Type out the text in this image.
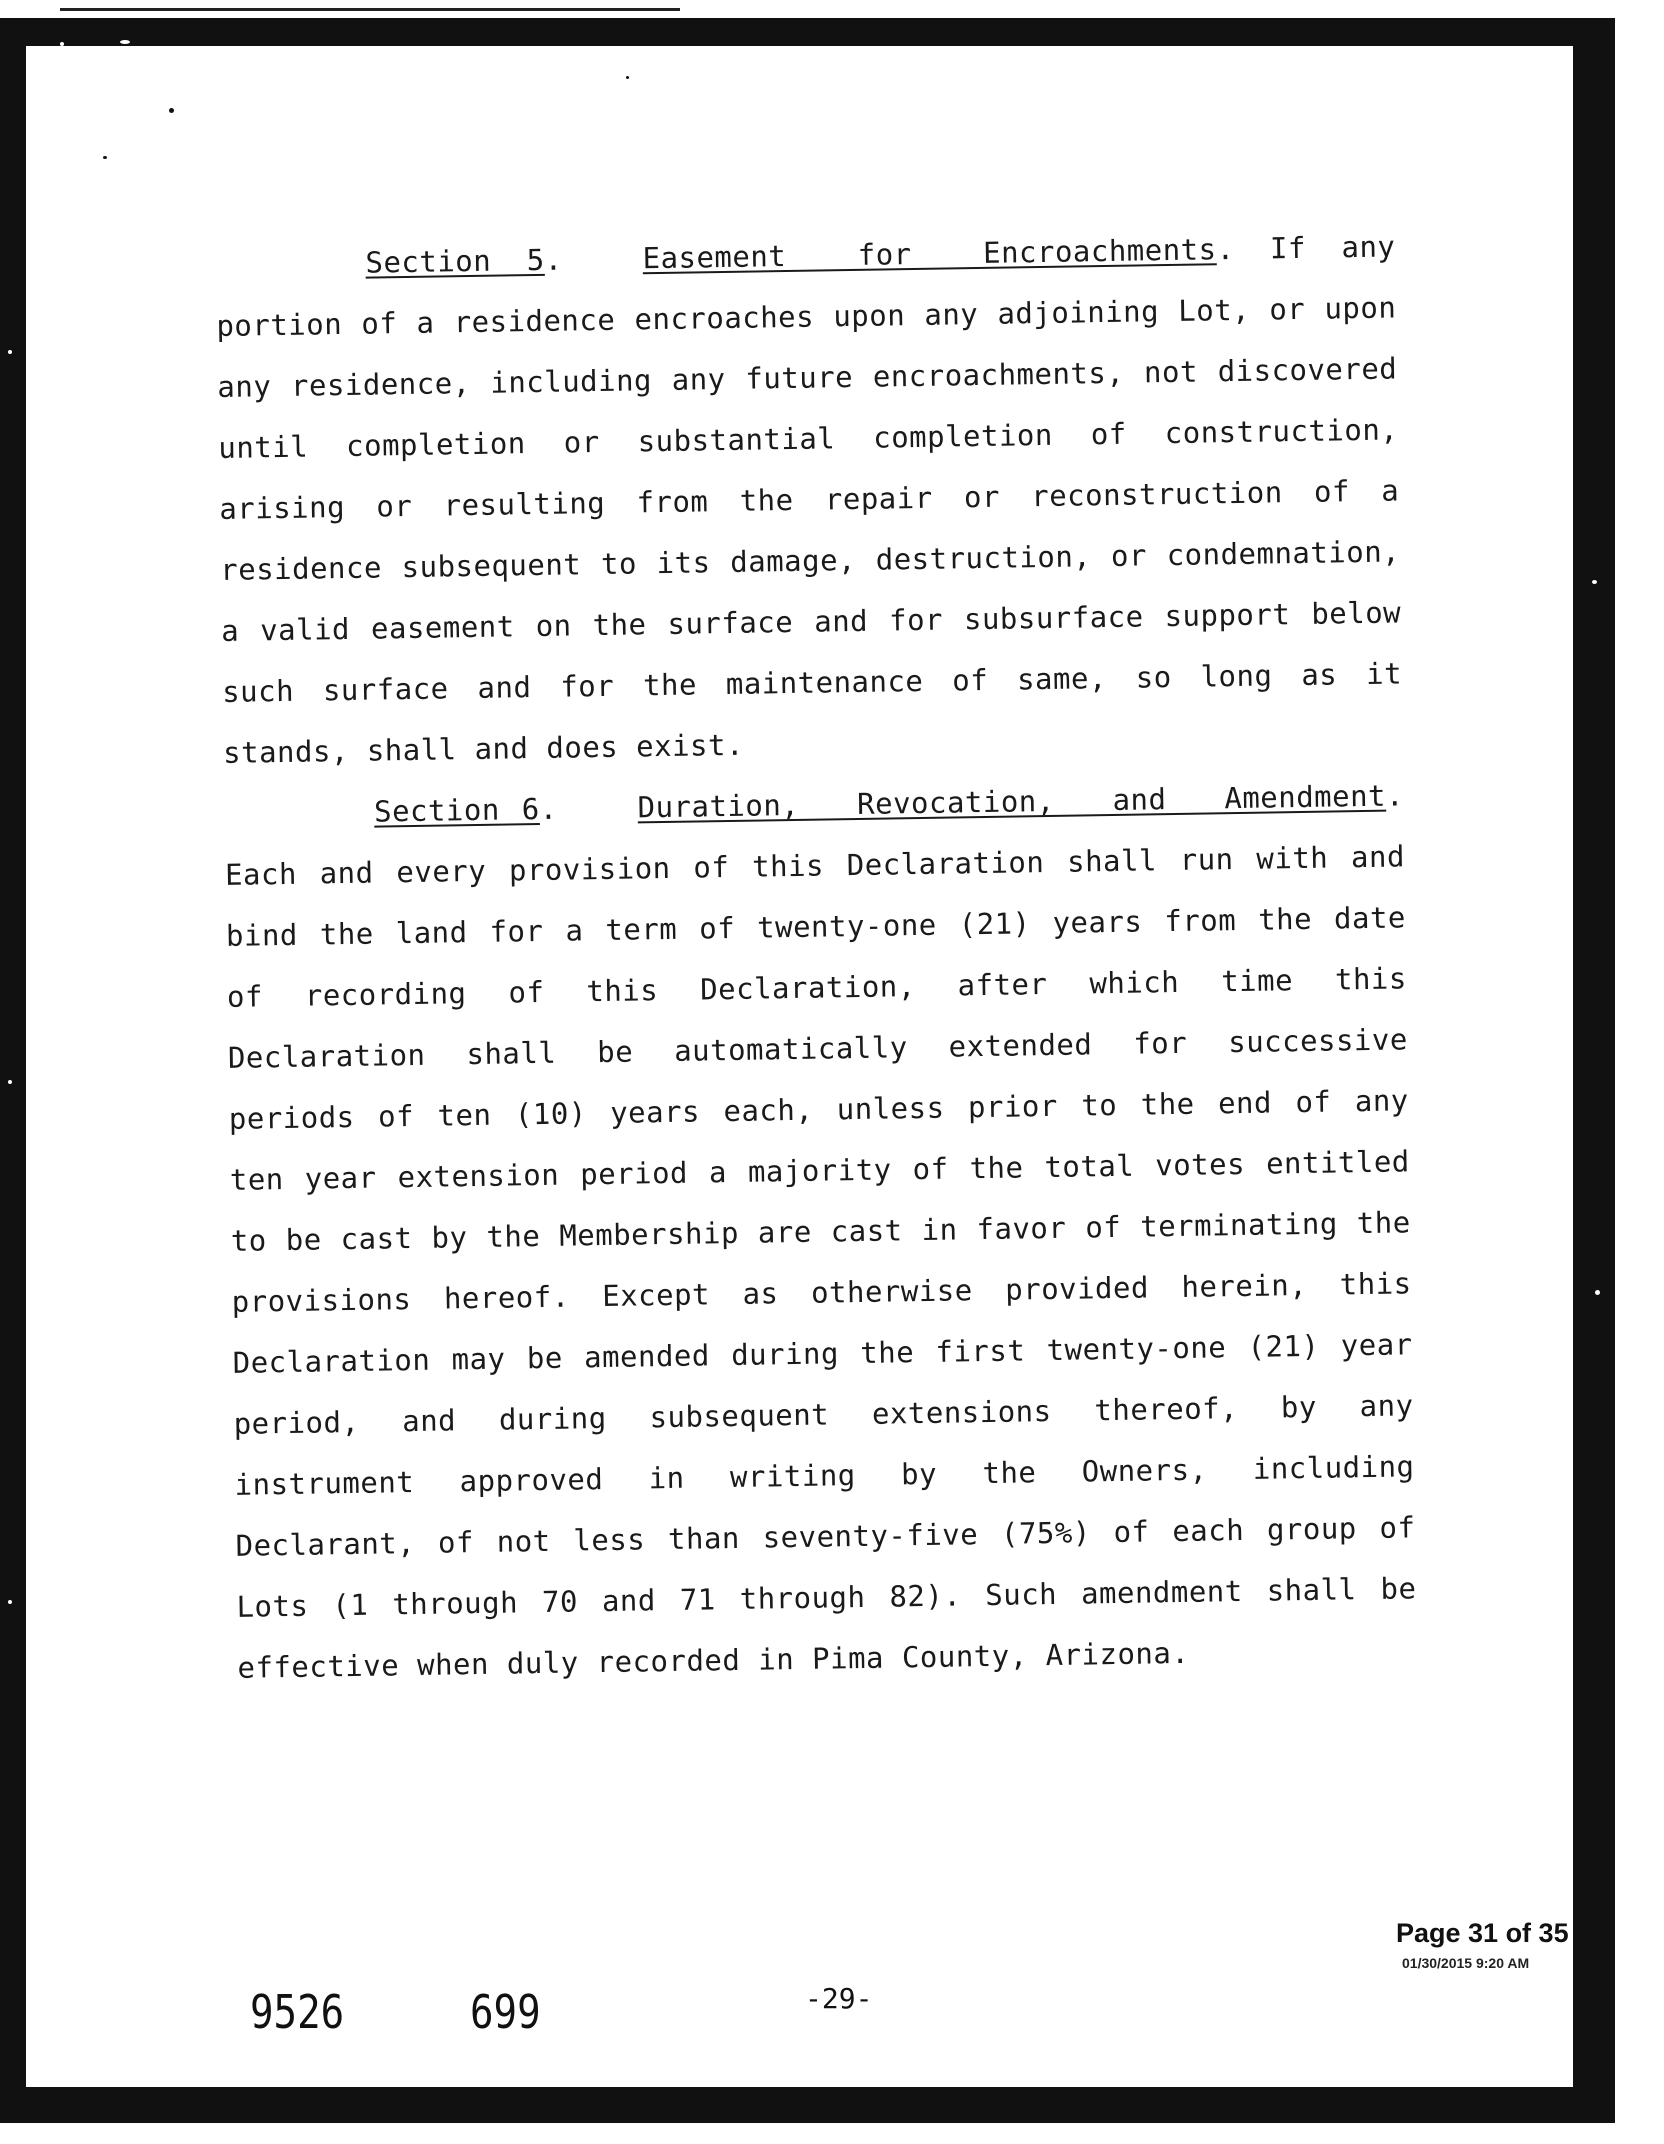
Section 5.	Easement for Encroachments. If any portion of a residence encroaches upon any adjoining Lot, or upon any residence, including any future encroachments, not discovered until completion or substantial completion of construction, arising or resulting from the repair or reconstruction of a residence subsequent to its damage, destruction, or condemnation, a valid easement on the surface and for subsurface support below such surface and for the maintenance of same, so long as it stands, shall and does exist.

Section 6.	Duration, Revocation, and Amendment. Each and every provision of this Declaration shall run with and bind the land for a term of twenty-one (21) years from the date of recording of this Declaration, after which time this Declaration shall be automatically extended for successive periods of ten (10) years each, unless prior to the end of any ten year extension period a majority of the total votes entitled to be cast by the Membership are cast in favor of terminating the provisions hereof. Except as otherwise provided herein, this Declaration may be amended during the first twenty-one (21) year period, and during subsequent extensions thereof, by any instrument approved in writing by the Owners, including Declarant, of not less than seventy-five (75%) of each group of Lots (1 through 70 and 71 through 82). Such amendment shall be effective when duly recorded in Pima County, Arizona.

Page 31 of 35
01/30/2015 9:20 AM
9526	699	-29-
